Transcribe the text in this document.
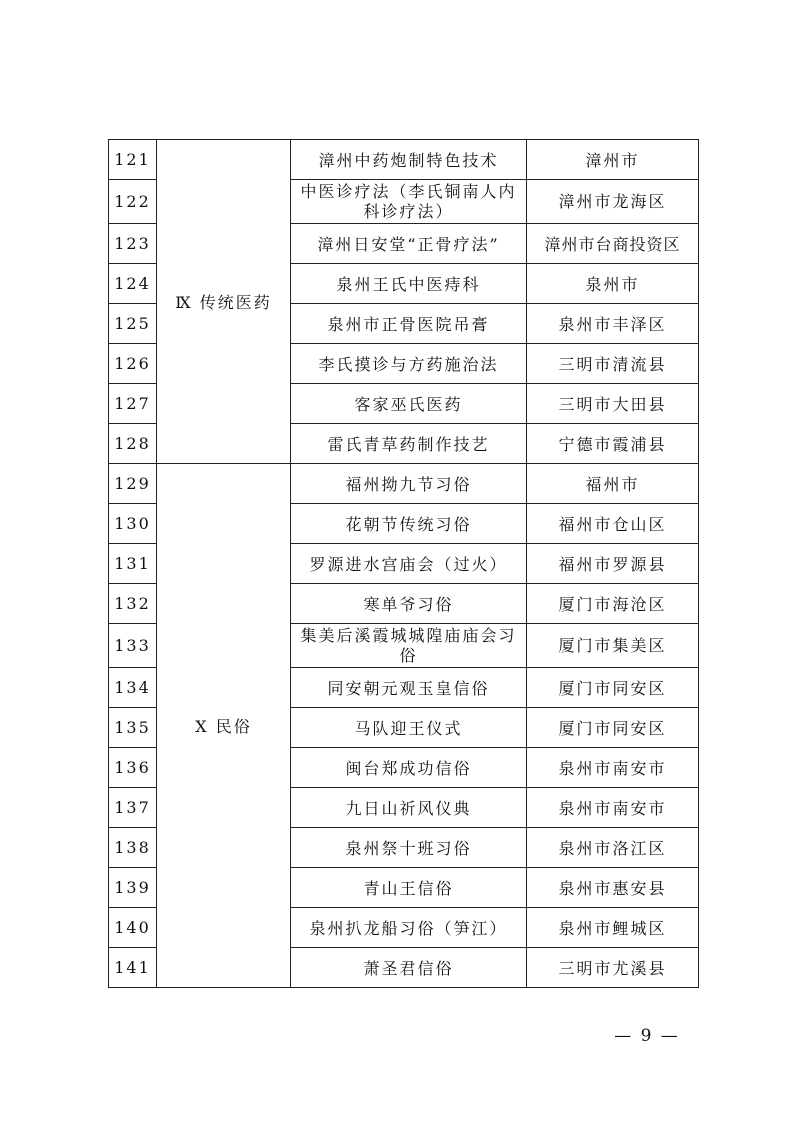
121	Ⅸ 传统医药	漳州中药炮制特色技术	漳州市
122		中医诊疗法（李氏铜南人内科诊疗法）	漳州市龙海区
123		漳州日安堂“正骨疗法”	漳州市台商投资区
124		泉州王氏中医痔科	泉州市
125		泉州市正骨医院吊膏	泉州市丰泽区
126		李氏摸诊与方药施治法	三明市清流县
127		客家巫氏医药	三明市大田县
128		雷氏青草药制作技艺	宁德市霞浦县
129	Ⅹ 民俗	福州拗九节习俗	福州市
130		花朝节传统习俗	福州市仓山区
131		罗源进水宫庙会（过火）	福州市罗源县
132		寒单爷习俗	厦门市海沧区
133		集美后溪霞城城隍庙庙会习俗	厦门市集美区
134		同安朝元观玉皇信俗	厦门市同安区
135		马队迎王仪式	厦门市同安区
136		闽台郑成功信俗	泉州市南安市
137		九日山祈风仪典	泉州市南安市
138		泉州祭十班习俗	泉州市洛江区
139		青山王信俗	泉州市惠安县
140		泉州扒龙船习俗（笋江）	泉州市鲤城区
141		萧圣君信俗	三明市尤溪县
— 9 —
